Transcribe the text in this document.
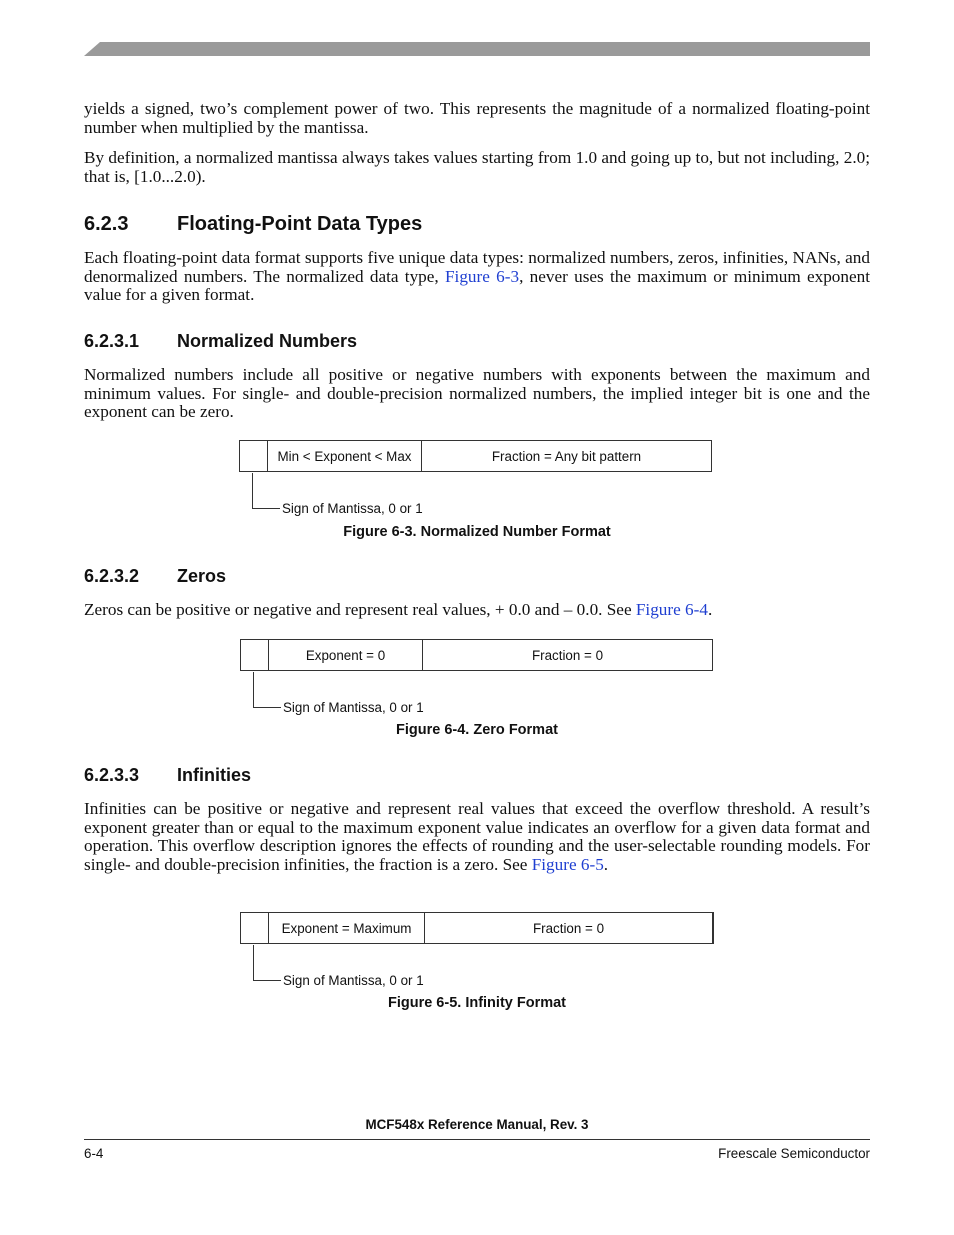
yields a signed, two’s complement power of two. This represents the magnitude of a normalized floating-point number when multiplied by the mantissa.

By definition, a normalized mantissa always takes values starting from 1.0 and going up to, but not including, 2.0; that is, [1.0...2.0).

6.2.3 Floating-Point Data Types

Each floating-point data format supports five unique data types: normalized numbers, zeros, infinities, NANs, and denormalized numbers. The normalized data type, Figure 6-3, never uses the maximum or minimum exponent value for a given format.

6.2.3.1 Normalized Numbers

Normalized numbers include all positive or negative numbers with exponents between the maximum and minimum values. For single- and double-precision normalized numbers, the implied integer bit is one and the exponent can be zero.

Min < Exponent < Max	Fraction = Any bit pattern
Sign of Mantissa, 0 or 1
Figure 6-3. Normalized Number Format
6.2.3.2 Zeros

Zeros can be positive or negative and represent real values, + 0.0 and – 0.0. See Figure 6-4.

Exponent = 0	Fraction = 0
Sign of Mantissa, 0 or 1
Figure 6-4. Zero Format
6.2.3.3 Infinities

Infinities can be positive or negative and represent real values that exceed the overflow threshold. A result’s exponent greater than or equal to the maximum exponent value indicates an overflow for a given data format and operation. This overflow description ignores the effects of rounding and the user-selectable rounding models. For single- and double-precision infinities, the fraction is a zero. See Figure 6-5.

Exponent = Maximum	Fraction = 0
Sign of Mantissa, 0 or 1
Figure 6-5. Infinity Format
MCF548x Reference Manual, Rev. 3
6-4	Freescale Semiconductor
